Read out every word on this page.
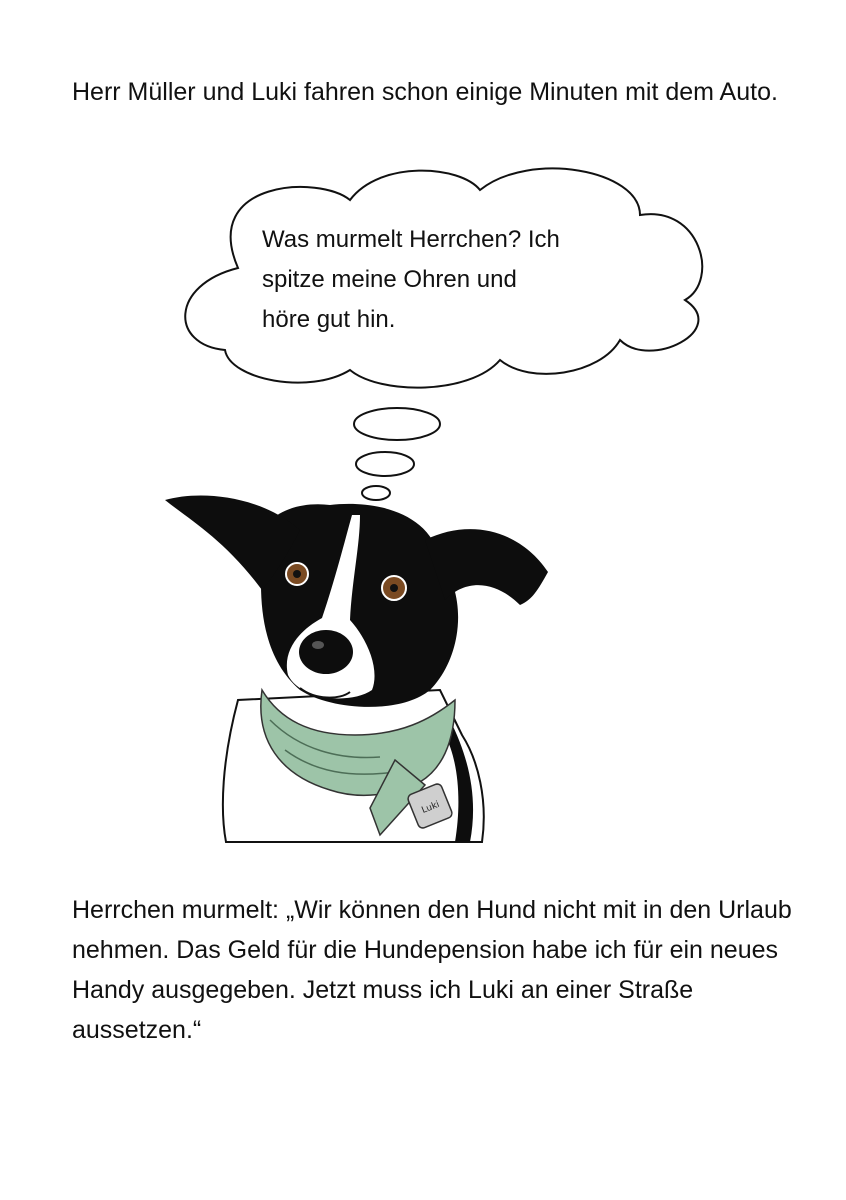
Luki

Herr Müller und Luki fahren schon einige Minuten mit dem Auto.

Was murmelt Herrchen? Ich
spitze meine Ohren und
höre gut hin.

Herrchen murmelt: „Wir können den Hund nicht mit in den Urlaub nehmen. Das Geld für die Hundepension habe ich für ein neues Handy ausgegeben. Jetzt muss ich Luki an einer Straße aussetzen.“
